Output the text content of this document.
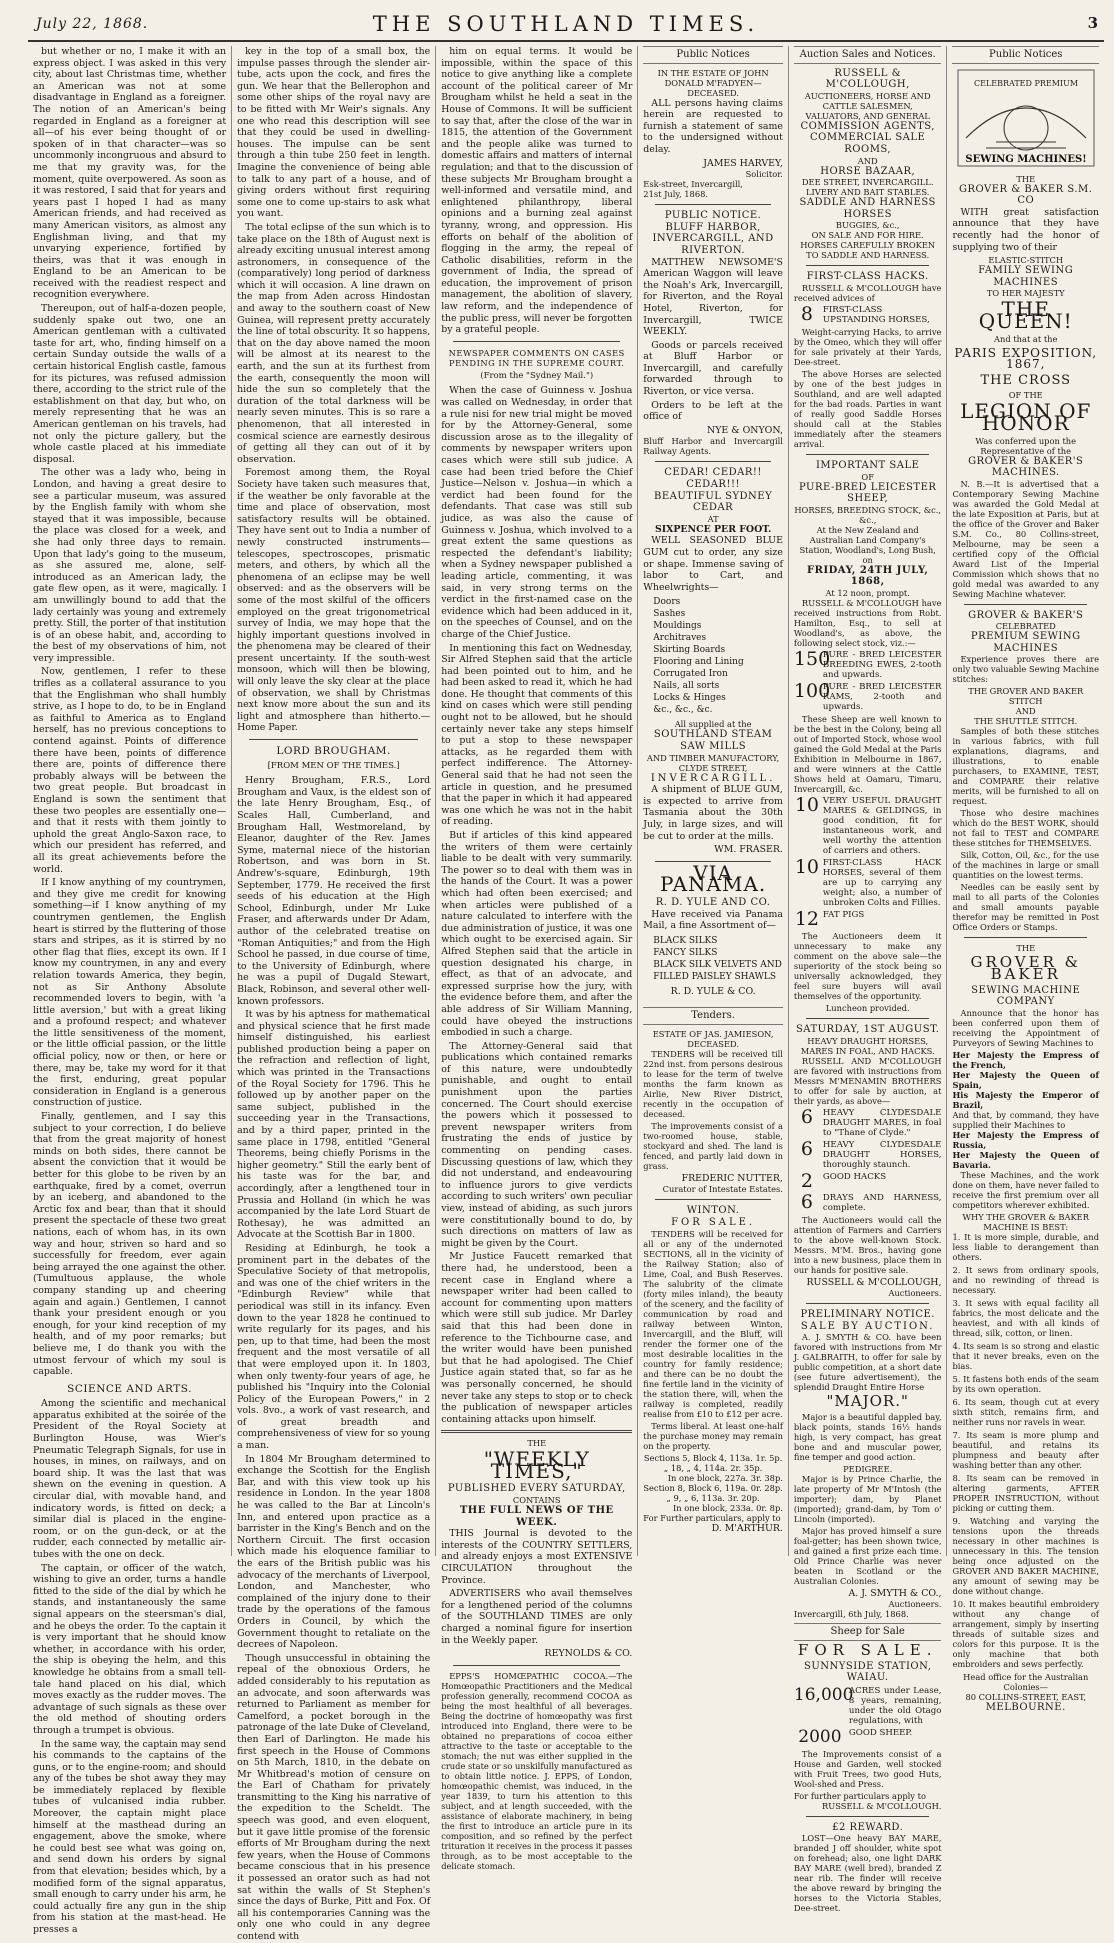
July 22, 1868.	THE SOUTHLAND TIMES.	3

but whether or no, I make it with an express object. I was asked in this very city, about last Christmas time, whether an American was not at some disadvantage in England as a foreigner. The notion of an American's being regarded in England as a foreigner at all—of his ever being thought of or spoken of in that character—was so uncommonly incongruous and absurd to me that my gravity was, for the moment, quite overpowered. As soon as it was restored, I said that for years and years past I hoped I had as many American friends, and had received as many American visitors, as almost any Englishman living, and that my unvarying experience, fortified by theirs, was that it was enough in England to be an American to be received with the readiest respect and recognition everywhere.

Thereupon, out of half-a-dozen people, suddenly spake out two, one an American gentleman with a cultivated taste for art, who, finding himself on a certain Sunday outside the walls of a certain historical English castle, famous for its pictures, was refused admission there, according to the strict rule of the establishment on that day, but who, on merely representing that he was an American gentleman on his travels, had not only the picture gallery, but the whole castle placed at his immediate disposal.

The other was a lady who, being in London, and having a great desire to see a particular museum, was assured by the English family with whom she stayed that it was impossible, because the place was closed for a week, and she had only three days to remain. Upon that lady's going to the museum, as she assured me, alone, self-introduced as an American lady, the gate flew open, as it were, magically. I am unwillingly bound to add that the lady certainly was young and extremely pretty. Still, the porter of that institution is of an obese habit, and, according to the best of my observations of him, not very impressible.

Now, gentlemen, I refer to these trifles as a collateral assurance to you that the Englishman who shall humbly strive, as I hope to do, to be in England as faithful to America as to England herself, has no previous conceptions to contend against. Points of difference there have been, points of difference there are, points of difference there probably always will be between the two great people. But broadcast in England is sown the sentiment that these two peoples are essentially one—and that it rests with them jointly to uphold the great Anglo-Saxon race, to which our president has referred, and all its great achievements before the world.

If I know anything of my countrymen, and they give me credit for knowing something—if I know anything of my countrymen gentlemen, the English heart is stirred by the fluttering of those stars and stripes, as it is stirred by no other flag that flies, except its own. If I know my countrymen, in any and every relation towards America, they begin, not as Sir Anthony Absolute recommended lovers to begin, with 'a little aversion,' but with a great liking and a profound respect; and whatever the little sensitiveness of the moment, or the little official passion, or the little official policy, now or then, or here or there, may be, take my word for it that the first, enduring, great popular consideration in England is a generous construction of justice.

Finally, gentlemen, and I say this subject to your correction, I do believe that from the great majority of honest minds on both sides, there cannot be absent the conviction that it would be better for this globe to be riven by an earthquake, fired by a comet, overrun by an iceberg, and abandoned to the Arctic fox and bear, than that it should present the spectacle of these two great nations, each of whom has, in its own way and hour, striven so hard and so successfully for freedom, ever again being arrayed the one against the other. (Tumultuous applause, the whole company standing up and cheering again and again.) Gentlemen, I cannot thank your president enough or you enough, for your kind reception of my health, and of my poor remarks; but believe me, I do thank you with the utmost fervour of which my soul is capable.

SCIENCE AND ARTS.

Among the scientific and mechanical apparatus exhibited at the soirée of the President of the Royal Society at Burlington House, was Wier's Pneumatic Telegraph Signals, for use in houses, in mines, on railways, and on board ship. It was the last that was shewn on the evening in question. A circular dial, with movable hand, and indicatory words, is fitted on deck; a similar dial is placed in the engine-room, or on the gun-deck, or at the rudder, each connected by metallic air-tubes with the one on deck.

The captain, or officer of the watch, wishing to give an order, turns a handle fitted to the side of the dial by which he stands, and instantaneously the same signal appears on the steersman's dial, and he obeys the order. To the captain it is very important that he should know whether, in accordance with his order, the ship is obeying the helm, and this knowledge he obtains from a small tell-tale hand placed on his dial, which moves exactly as the rudder moves. The advantage of such signals as these over the old method of shouting orders through a trumpet is obvious.

In the same way, the captain may send his commands to the captains of the guns, or to the engine-room; and should any of the tubes be shot away they may be immediately replaced by flexible tubes of vulcanised india rubber. Moreover, the captain might place himself at the masthead during an engagement, above the smoke, where he could best see what was going on, and send down his orders by signal from that elevation; besides which, by a modified form of the signal apparatus, small enough to carry under his arm, he could actually fire any gun in the ship from his station at the mast-head. He presses a

key in the top of a small box, the impulse passes through the slender air-tube, acts upon the cock, and fires the gun. We hear that the Bellerophon and some other ships of the royal navy are to be fitted with Mr Weir's signals. Any one who read this description will see that they could be used in dwelling-houses. The impulse can be sent through a thin tube 250 feet in length. Imagine the convenience of being able to talk to any part of a house, and of giving orders without first requiring some one to come up-stairs to ask what you want.

The total eclipse of the sun which is to take place on the 18th of August next is already exciting unusual interest among astronomers, in consequence of the (comparatively) long period of darkness which it will occasion. A line drawn on the map from Aden across Hindostan and away to the southern coast of New Guinea, will represent pretty accurately the line of total obscurity. It so happens, that on the day above named the moon will be almost at its nearest to the earth, and the sun at its furthest from the earth, consequently the moon will hide the sun so completely that the duration of the total darkness will be nearly seven minutes. This is so rare a phenomenon, that all interested in cosmical science are earnestly desirous of getting all they can out of it by observation.

Foremost among them, the Royal Society have taken such measures that, if the weather be only favorable at the time and place of observation, most satisfactory results will be obtained. They have sent out to India a number of newly constructed instruments—telescopes, spectroscopes, prismatic meters, and others, by which all the phenomena of an eclipse may be well observed: and as the observers will be some of the most skilful of the officers employed on the great trigonometrical survey of India, we may hope that the highly important questions involved in the phenomena may be cleared of their present uncertainty. If the south-west monsoon, which will then be blowing, will only leave the sky clear at the place of observation, we shall by Christmas next know more about the sun and its light and atmosphere than hitherto.—Home Paper.

LORD BROUGHAM.
[FROM MEN OF THE TIMES.]

Henry Brougham, F.R.S., Lord Brougham and Vaux, is the eldest son of the late Henry Brougham, Esq., of Scales Hall, Cumberland, and Brougham Hall, Westmoreland, by Eleanor, daughter of the Rev. James Syme, maternal niece of the historian Robertson, and was born in St. Andrew's-square, Edinburgh, 19th September, 1779. He received the first seeds of his education at the High School, Edinburgh, under Mr Luke Fraser, and afterwards under Dr Adam, author of the celebrated treatise on "Roman Antiquities;" and from the High School he passed, in due course of time, to the University of Edinburgh, where he was a pupil of Dugald Stewart, Black, Robinson, and several other well-known professors.

It was by his aptness for mathematical and physical science that he first made himself distinguished, his earliest published production being a paper on the refraction and reflection of light, which was printed in the Transactions of the Royal Society for 1796. This he followed up by another paper on the same subject, published in the succeeding year in the Transactions, and by a third paper, printed in the same place in 1798, entitled "General Theorems, being chiefly Porisms in the higher geometry." Still the early bent of his taste was for the bar, and accordingly, after a lengthened tour in Prussia and Holland (in which he was accompanied by the late Lord Stuart de Rothesay), he was admitted an Advocate at the Scottish Bar in 1800.

Residing at Edinburgh, he took a prominent part in the debates of the Speculative Society of that metropolis, and was one of the chief writers in the "Edinburgh Review" while that periodical was still in its infancy. Even down to the year 1828 he continued to write regularly for its pages, and his pen, up to that time, had been the most frequent and the most versatile of all that were employed upon it. In 1803, when only twenty-four years of age, he published his "Inquiry into the Colonial Policy of the European Powers," in 2 vols. 8vo., a work of vast research, and of great breadth and comprehensiveness of view for so young a man.

In 1804 Mr Brougham determined to exchange the Scottish for the English Bar, and with this view took up his residence in London. In the year 1808 he was called to the Bar at Lincoln's Inn, and entered upon practice as a barrister in the King's Bench and on the Northern Circuit. The first occasion which made his eloquence familiar to the ears of the British public was his advocacy of the merchants of Liverpool, London, and Manchester, who complained of the injury done to their trade by the operations of the famous Orders in Council, by which the Government thought to retaliate on the decrees of Napoleon.

Though unsuccessful in obtaining the repeal of the obnoxious Orders, he added considerably to his reputation as an advocate, and soon afterwards was returned to Parliament as member for Camelford, a pocket borough in the patronage of the late Duke of Cleveland, then Earl of Darlington. He made his first speech in the House of Commons on 5th March, 1810, in the debate on Mr Whitbread's motion of censure on the Earl of Chatham for privately transmitting to the King his narrative of the expedition to the Scheldt. The speech was good, and even eloquent, but it gave little promise of the forensic efforts of Mr Brougham during the next few years, when the House of Commons became conscious that in his presence it possessed an orator such as had not sat within the walls of St Stephen's since the days of Burke, Pitt and Fox. Of all his contemporaries Canning was the only one who could in any degree contend with

him on equal terms. It would be impossible, within the space of this notice to give anything like a complete account of the political career of Mr Brougham whilst he held a seat in the House of Commons. It will be sufficient to say that, after the close of the war in 1815, the attention of the Government and the people alike was turned to domestic affairs and matters of internal regulation; and that to the discussion of these subjects Mr Brougham brought a well-informed and versatile mind, and enlightened philanthropy, liberal opinions and a burning zeal against tyranny, wrong, and oppression. His efforts on behalf of the abolition of flogging in the army, the repeal of Catholic disabilities, reform in the government of India, the spread of education, the improvement of prison management, the abolition of slavery, law reform, and the independence of the public press, will never be forgotten by a grateful people.

NEWSPAPER COMMENTS ON CASES PENDING IN THE SUPREME COURT.
(From the "Sydney Mail.")

When the case of Guinness v. Joshua was called on Wednesday, in order that a rule nisi for new trial might be moved for by the Attorney-General, some discussion arose as to the illegality of comments by newspaper writers upon cases which were still sub judice. A case had been tried before the Chief Justice—Nelson v. Joshua—in which a verdict had been found for the defendants. That case was still sub judice, as was also the cause of Guinness v. Joshua, which involved to a great extent the same questions as respected the defendant's liability; when a Sydney newspaper published a leading article, commenting, it was said, in very strong terms on the verdict in the first-named case on the evidence which had been adduced in it, on the speeches of Counsel, and on the charge of the Chief Justice.

In mentioning this fact on Wednesday, Sir Alfred Stephen said that the article had been pointed out to him, and he had been asked to read it, which he had done. He thought that comments of this kind on cases which were still pending ought not to be allowed, but he should certainly never take any steps himself to put a stop to these newspaper attacks, as he regarded them with perfect indifference. The Attorney-General said that he had not seen the article in question, and he presumed that the paper in which it had appeared was one which he was not in the habit of reading.

But if articles of this kind appeared the writers of them were certainly liable to be dealt with very summarily. The power so to deal with them was in the hands of the Court. It was a power which had often been exercised; and when articles were published of a nature calculated to interfere with the due administration of justice, it was one which ought to be exercised again. Sir Alfred Stephen said that the article in question designated his charge, in effect, as that of an advocate, and expressed surprise how the jury, with the evidence before them, and after the able address of Sir William Manning, could have obeyed the instructions embodied in such a charge.

The Attorney-General said that publications which contained remarks of this nature, were undoubtedly punishable, and ought to entail punishment upon the parties concerned. The Court should exercise the powers which it possessed to prevent newspaper writers from frustrating the ends of justice by commenting on pending cases. Discussing questions of law, which they did not understand, and endeavouring to influence jurors to give verdicts according to such writers' own peculiar view, instead of abiding, as such jurors were constitutionally bound to do, by such directions on matters of law as might be given by the Court.

Mr Justice Faucett remarked that there had, he understood, been a recent case in England where a newspaper writer had been called to account for commenting upon matters which were still sub judice. Mr Darley said that this had been done in reference to the Tichbourne case, and the writer would have been punished but that he had apologised. The Chief Justice again stated that, so far as he was personally concerned, he should never take any steps to stop or to check the publication of newspaper articles containing attacks upon himself.

THE
"WEEKLY TIMES,"
PUBLISHED EVERY SATURDAY,
CONTAINS
THE FULL NEWS OF THE WEEK.

THIS Journal is devoted to the interests of the COUNTRY SETTLERS, and already enjoys a most EXTENSIVE CIRCULATION throughout the Province.

ADVERTISERS who avail themselves for a lengthened period of the columns of the SOUTHLAND TIMES are only charged a nominal figure for insertion in the Weekly paper.

REYNOLDS & CO.

EPPS'S HOMŒPATHIC COCOA.—The Homœopathic Practitioners and the Medical profession generally, recommend COCOA as being the most healthful of all beverages. Being the doctrine of homœopathy was first introduced into England, there were to be obtained no preparations of cocoa either attractive to the taste or acceptable to the stomach; the nut was either supplied in the crude state or so unskilfully manufactured as to obtain little notice. J. EPPS, of London, homœopathic chemist, was induced, in the year 1839, to turn his attention to this subject, and at length succeeded, with the assistance of elaborate machinery, in being the first to introduce an article pure in its composition, and so refined by the perfect trituration it receives in the process it passes through, as to be most acceptable to the delicate stomach.

Public Notices
IN THE ESTATE OF JOHN DONALD M'FADYEN—DECEASED.

ALL persons having claims herein are requested to furnish a statement of same to the undersigned without delay.

JAMES HARVEY,
Solicitor.
Esk-street, Invercargill,
21st July, 1868.
PUBLIC NOTICE.
BLUFF HARBOR, INVERCARGILL, AND RIVERTON.

MATTHEW NEWSOME'S American Waggon will leave the Noah's Ark, Invercargill, for Riverton, and the Royal Hotel, Riverton, for Invercargill, TWICE WEEKLY.

Goods or parcels received at Bluff Harbor or Invercargill, and carefully forwarded through to Riverton, or vice versa.

Orders to be left at the office of

NYE & ONYON,
Bluff Harbor and Invercargill Railway Agents.
CEDAR! CEDAR!! CEDAR!!!
BEAUTIFUL SYDNEY CEDAR
AT
SIXPENCE PER FOOT.

WELL SEASONED BLUE GUM cut to order, any size or shape. Immense saving of labor to Cart, and Wheelwrights—

Doors
Sashes
Mouldings
Architraves
Skirting Boards
Flooring and Lining
Corrugated Iron
Nails, all sorts
Locks & Hinges
&c., &c., &c.
All supplied at the
SOUTHLAND STEAM SAW MILLS
AND TIMBER MANUFACTORY,
CLYDE STREET,
INVERCARGILL.

A shipment of BLUE GUM, is expected to arrive from Tasmania about the 30th July, in large sizes, and will be cut to order at the mills.

WM. FRASER.
VIA PANAMA.
R. D. YULE AND CO.

Have received via Panama Mail, a fine Assortment of—

BLACK SILKS
FANCY SILKS
BLACK SILK VELVETS AND
FILLED PAISLEY SHAWLS
R. D. YULE & CO.
Tenders.
ESTATE OF JAS. JAMIESON, DECEASED.

TENDERS will be received till 22nd inst. from persons desirous to lease for the term of twelve months the farm known as Airlie, New River District, recently in the occupation of deceased.

The improvements consist of a two-roomed house, stable, stockyard and shed. The land is fenced, and partly laid down in grass.

FREDERIC NUTTER,
Curator of Intestate Estates.
WINTON.
FOR SALE.

TENDERS will be received for all or any of the undernoted SECTIONS, all in the vicinity of the Railway Station; also of Lime, Coal, and Bush Reserves. The salubrity of the climate (forty miles inland), the beauty of the scenery, and the facility of communication by road and railway between Winton, Invercargill, and the Bluff, will render the former one of the most desirable localities in the country for family residence; and there can be no doubt the fine fertile land in the vicinity of the station there, will, when the railway is completed, readily realise from £10 to £12 per acre.

Terms liberal. At least one-half the purchase money may remain on the property.

Sections 5, Block 4, 113a. 1r. 5p.
„ 18, „ 4, 114a. 2r. 35p.
In one block, 227a. 3r. 38p.
Section 8, Block 6, 119a. 0r. 28p.
„ 9, „ 6, 113a. 3r. 20p.
In one block, 233a. 0r. 8p.
For Further particulars, apply to
D. M'ARTHUR.
Auction Sales and Notices.
RUSSELL & M'COLLOUGH,
AUCTIONEERS, HORSE AND CATTLE SALESMEN, VALUATORS, AND GENERAL
COMMISSION AGENTS,
COMMERCIAL SALE ROOMS,
AND
HORSE BAZAAR,
DEE STREET, INVERCARGILL.
LIVERY AND BAIT STABLES.
SADDLE AND HARNESS HORSES
BUGGIES, &c.,
ON SALE AND FOR HIRE.
HORSES CAREFULLY BROKEN TO SADDLE AND HARNESS.
FIRST-CLASS HACKS.

RUSSELL & M'COLLOUGH have received advices of

8	FIRST-CLASS UPSTANDING HORSES,

Weight-carrying Hacks, to arrive by the Omeo, which they will offer for sale privately at their Yards, Dee-street.

The above Horses are selected by one of the best judges in Southland, and are well adapted for the bad roads. Parties in want of really good Saddle Horses should call at the Stables immediately after the steamers arrival.

IMPORTANT SALE
OF
PURE-BRED LEICESTER SHEEP,
HORSES, BREEDING STOCK, &c., &c.,
At the New Zealand and Australian Land Company's Station, Woodland's, Long Bush, on
FRIDAY, 24TH JULY, 1868,
At 12 noon, prompt.

RUSSELL & M'COLLOUGH have received instructions from Robt. Hamilton, Esq., to sell at Woodland's, as above, the following select stock, viz.:—

150
PURE - BRED LEICESTER BREEDING EWES, 2-tooth and upwards.
100
PURE - BRED LEICESTER RAMS, 2-tooth and upwards.

These Sheep are well known to be the best in the Colony, being all out of Imported Stock, whose wool gained the Gold Medal at the Paris Exhibition in Melbourne in 1867, and were winners at the Cattle Shows held at Oamaru, Timaru, Invercargill, &c.

10 VERY USEFUL DRAUGHT MARES & GELDINGS, in good condition, fit for instantaneous work, and well worthy the attention of carriers and others.
10 FIRST-CLASS HACK HORSES, several of them are up to carrying any weight; also, a number of unbroken Colts and Fillies.
12 FAT PIGS

The Auctioneers deem it unnecessary to make any comment on the above sale—the superiority of the stock being so universally acknowledged, they feel sure buyers will avail themselves of the opportunity.

Luncheon provided.
SATURDAY, 1ST AUGUST.
HEAVY DRAUGHT HORSES, MARES IN FOAL, AND HACKS.

RUSSELL AND M'COLLOUGH are favored with instructions from Messrs M'MENAMIN BROTHERS to offer for sale by auction, at their yards, as above—

6	HEAVY CLYDESDALE DRAUGHT MARES, in foal to "Thane of Clyde."
6	HEAVY CLYDESDALE DRAUGHT HORSES, thoroughly staunch.
2	GOOD HACKS
6	DRAYS AND HARNESS, complete.

The Auctioneers would call the attention of Farmers and Carriers to the above well-known Stock. Messrs. M'M. Bros., having gone into a new business, place them in our hands for positive sale.

RUSSELL & M'COLLOUGH,
Auctioneers.
PRELIMINARY NOTICE.
SALE BY AUCTION.

A. J. SMYTH & CO. have been favored with instructions from Mr J. GALBRAITH, to offer for sale by public competition, at a short date (see future advertisement), the splendid Draught Entire Horse

"MAJOR."

Major is a beautiful dappled bay, black points, stands 16½ hands high, is very compact, has great bone and and muscular power, fine temper and good action.

PEDIGREE.

Major is by Prince Charlie, the late property of Mr M'Intosh (the importer); dam, by Planet (imported); grand-dam, by Tom o' Lincoln (imported).

Major has proved himself a sure foal-getter; has been shown twice, and gained a first prize each time. Old Prince Charlie was never beaten in Scotland or the Australian Colonies.

A. J. SMYTH & CO.,
Auctioneers.
Invercargill, 6th July, 1868.
Sheep for Sale
FOR SALE.
SUNNYSIDE STATION, WAIAU.
16,000
ACRES under Lease, 8 years, remaining, under the old Otago regulations, with
2000 GOOD SHEEP.

The Improvements consist of a House and Garden, well stocked with Fruit Trees, two good Huts, Wool-shed and Press.

For further particulars apply to
RUSSELL & M'COLLOUGH.
£2 REWARD.

LOST—One heavy BAY MARE, branded J off shoulder, white spot on forehead; also, one light DARK BAY MARE (well bred), branded Z near rib. The finder will receive the above reward by bringing the horses to the Victoria Stables, Dee-street.

Public Notices
CELEBRATED PREMIUM
SEWING MACHINES!
THE
GROVER & BAKER S.M. CO

WITH great satisfaction announce that they have recently had the honor of supplying two of their

ELASTIC-STITCH
FAMILY SEWING MACHINES
TO HER MAJESTY
THE QUEEN!
And that at the
PARIS EXPOSITION, 1867,
THE CROSS
OF THE
LEGION OF HONOR
Was conferred upon the Representative of the
GROVER & BAKER'S MACHINES.

N. B.—It is advertised that a Contemporary Sewing Machine was awarded the Gold Medal at the late Exposition at Paris, but at the office of the Grover and Baker S.M. Co., 80 Collins-street, Melbourne, may be seen a certified copy of the Official Award List of the Imperial Commission which shows that no gold medal was awarded to any Sewing Machine whatever.

GROVER & BAKER'S
CELEBRATED
PREMIUM SEWING MACHINES

Experience proves there are only two valuable Sewing Machine stitches:

THE GROVER AND BAKER STITCH
AND
THE SHUTTLE STITCH.

Samples of both these stitches in various fabrics, with full explanations, diagrams, and illustrations, to enable purchasers, to EXAMINE, TEST, and COMPARE their relative merits, will be furnished to all on request.

Those who desire machines which do the BEST WORK, should not fail to TEST and COMPARE these stitches for THEMSELVES.

Silk, Cotton, Oil, &c., for the use of the machines in large or small quantities on the lowest terms.

Needles can be easily sent by mail to all parts of the Colonies and small amounts payable therefor may be remitted in Post Office Orders or Stamps.

THE
GROVER & BAKER
SEWING MACHINE COMPANY

Announce that the honor has been conferred upon them of receiving the Appointment of Purveyors of Sewing Machines to

Her Majesty the Empress of the French,
Her Majesty the Queen of Spain,
His Majesty the Emperor of Brazil,
And that, by command, they have supplied their Machines to
Her Majesty the Empress of Russia,
Her Majesty the Queen of Bavaria.

These Machines, and the work done on them, have never failed to receive the first premium over all competitors wherever exhibited.

WHY THE GROVER & BAKER MACHINE IS BEST:

1. It is more simple, durable, and less liable to derangement than others.

2. It sews from ordinary spools, and no rewinding of thread is necessary.

3. It sews with equal facility all fabrics, the most delicate and the heaviest, and with all kinds of thread, silk, cotton, or linen.

4. Its seam is so strong and elastic that it never breaks, even on the bias.

5. It fastens both ends of the seam by its own operation.

6. Its seam, though cut at every sixth stitch, remains firm, and neither runs nor ravels in wear.

7. Its seam is more plump and beautiful, and retains its plumpness and beauty after washing better than any other.

8. Its seam can be removed in altering garments, AFTER PROPER INSTRUCTION, without picking or cutting them.

9. Watching and varying the tensions upon the threads necessary in other machines is unnecessary in this. The tension being once adjusted on the GROVER AND BAKER MACHINE, any amount of sewing may be done without change.

10. It makes beautiful embroidery without any change of arrangement, simply by inserting threads of suitable sizes and colors for this purpose. It is the only machine that both embroiders and sews perfectly.

Head office for the Australian Colonies—
80 COLLINS-STREET, EAST,
MELBOURNE.
